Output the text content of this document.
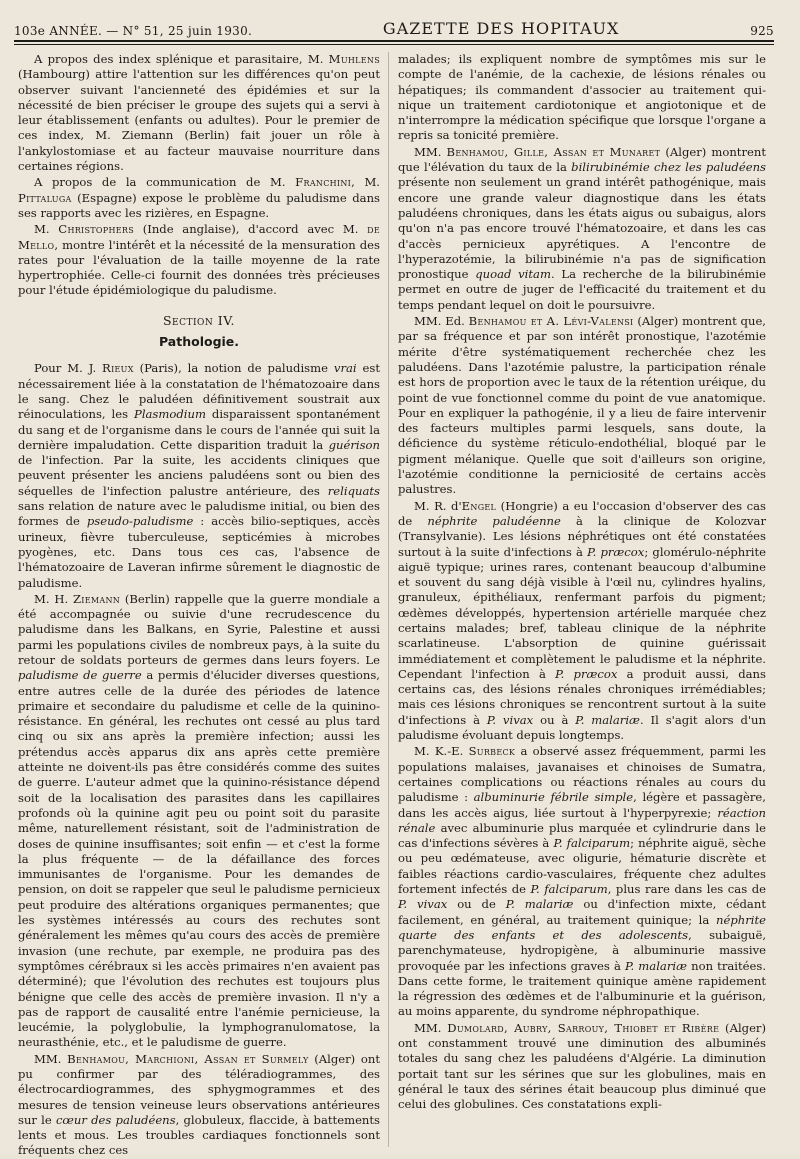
103e ANNÉE. — N° 51, 25 juin 1930.	GAZETTE DES HOPITAUX	925

A propos des index splénique et parasitaire, M. Muhlens (Hambourg) attire l'attention sur les différences qu'on peut observer suivant l'ancienneté des épidémies et sur la nécessité de bien préciser le groupe des sujets qui a servi à leur établissement (enfants ou adultes). Pour le premier de ces index, M. Ziemann (Berlin) fait jouer un rôle à l'ankylostomiase et au facteur mauvaise nourriture dans certaines régions.

A propos de la communication de M. Franchini, M. Pittaluga (Espagne) expose le problème du paludisme dans ses rapports avec les rizières, en Espagne.

M. Christophers (Inde anglaise), d'accord avec M. de Mello, montre l'intérêt et la nécessité de la mensuration des rates pour l'évaluation de la taille moyenne de la rate hypertrophiée. Celle-ci fournit des données très précieuses pour l'étude épidémiologique du paludisme.

Section IV.
Pathologie.

Pour M. J. Rieux (Paris), la notion de paludisme vrai est nécessairement liée à la constatation de l'hématozoaire dans le sang. Chez le paludéen définitivement soustrait aux réinoculations, les Plasmodium disparaissent spontanément du sang et de l'organisme dans le cours de l'année qui suit la dernière impaludation. Cette disparition traduit la guérison de l'infection. Par la suite, les accidents cliniques que peuvent présenter les anciens paludéens sont ou bien des séquelles de l'infection palustre antérieure, des reliquats sans relation de nature avec le paludisme initial, ou bien des formes de pseudo-paludisme : accès bilio-septiques, accès urineux, fièvre tuberculeuse, septicémies à microbes pyogènes, etc. Dans tous ces cas, l'absence de l'hématozoaire de Laveran infirme sûrement le diagnostic de paludisme.

M. H. Ziemann (Berlin) rappelle que la guerre mondiale a été accompagnée ou suivie d'une recrudescence du paludisme dans les Balkans, en Syrie, Palestine et aussi parmi les populations civiles de nombreux pays, à la suite du retour de soldats porteurs de germes dans leurs foyers. Le paludisme de guerre a permis d'élucider diverses questions, entre autres celle de la durée des périodes de latence primaire et secondaire du paludisme et celle de la quinino-résistance. En général, les rechutes ont cessé au plus tard cinq ou six ans après la première infection; aussi les prétendus accès apparus dix ans après cette première atteinte ne doivent-ils pas être considérés comme des suites de guerre. L'auteur admet que la quinino-résistance dépend soit de la localisation des parasites dans les capillaires profonds où la quinine agit peu ou point soit du parasite même, naturellement résistant, soit de l'administration de doses de quinine insuffisantes; soit enfin — et c'est la forme la plus fréquente — de la défaillance des forces immunisantes de l'organisme. Pour les demandes de pension, on doit se rappeler que seul le paludisme pernicieux peut produire des altérations organiques permanentes; que les systèmes intéressés au cours des rechutes sont généralement les mêmes qu'au cours des accès de première invasion (une rechute, par exemple, ne produira pas des symptômes cérébraux si les accès primaires n'en avaient pas déterminé); que l'évolution des rechutes est toujours plus bénigne que celle des accès de première invasion. Il n'y a pas de rapport de causalité entre l'anémie pernicieuse, la leucémie, la polyglobulie, la lymphogranulomatose, la neurasthénie, etc., et le paludisme de guerre.

MM. Benhamou, Marchioni, Assan et Surmely (Alger) ont pu confirmer par des téléradiogrammes, des électrocardiogrammes, des sphygmogrammes et des mesures de tension veineuse leurs observations antérieures sur le cœur des paludéens, globuleux, flaccide, à battements lents et mous. Les troubles cardiaques fonctionnels sont fréquents chez ces

malades; ils expliquent nombre de symptômes mis sur le compte de l'anémie, de la cachexie, de lésions rénales ou hépatiques; ils commandent d'associer au traitement qui-nique un traitement cardiotonique et angiotonique et de n'interrompre la médication spécifique que lorsque l'organe a repris sa tonicité première.

MM. Benhamou, Gille, Assan et Munaret (Alger) montrent que l'élévation du taux de la bilirubinémie chez les paludéens présente non seulement un grand intérêt pathogénique, mais encore une grande valeur diagnostique dans les états paludéens chroniques, dans les états aigus ou subaigus, alors qu'on n'a pas encore trouvé l'hématozoaire, et dans les cas d'accès pernicieux apyrétiques. A l'encontre de l'hyperazotémie, la bilirubinémie n'a pas de signification pronostique quoad vitam. La recherche de la bilirubinémie permet en outre de juger de l'efficacité du traitement et du temps pendant lequel on doit le poursuivre.

MM. Ed. Benhamou et A. Lévi-Valensi (Alger) montrent que, par sa fréquence et par son intérêt pronostique, l'azotémie mérite d'être systématiquement recherchée chez les paludéens. Dans l'azotémie palustre, la participation rénale est hors de proportion avec le taux de la rétention uréique, du point de vue fonctionnel comme du point de vue anatomique. Pour en expliquer la pathogénie, il y a lieu de faire intervenir des facteurs multiples parmi lesquels, sans doute, la déficience du système réticulo-endothélial, bloqué par le pigment mélanique. Quelle que soit d'ailleurs son origine, l'azotémie conditionne la perniciosité de certains accès palustres.

M. R. d'Engel (Hongrie) a eu l'occasion d'observer des cas de néphrite paludéenne à la clinique de Kolozvar (Transylvanie). Les lésions néphrétiques ont été constatées surtout à la suite d'infections à P. præcox; glomérulo-néphrite aiguë typique; urines rares, contenant beaucoup d'albumine et souvent du sang déjà visible à l'œil nu, cylindres hyalins, granuleux, épithéliaux, renfermant parfois du pigment; œdèmes développés, hypertension artérielle marquée chez certains malades; bref, tableau clinique de la néphrite scarlatineuse. L'absorption de quinine guérissait immédiatement et complètement le paludisme et la néphrite. Cependant l'infection à P. præcox a produit aussi, dans certains cas, des lésions rénales chroniques irrémédiables; mais ces lésions chroniques se rencontrent surtout à la suite d'infections à P. vivax ou à P. malariæ. Il s'agit alors d'un paludisme évoluant depuis longtemps.

M. K.-E. Surbeck a observé assez fréquemment, parmi les populations malaises, javanaises et chinoises de Sumatra, certaines complications ou réactions rénales au cours du paludisme : albuminurie fébrile simple, légère et passagère, dans les accès aigus, liée surtout à l'hyperpyrexie; réaction rénale avec albuminurie plus marquée et cylindrurie dans le cas d'infections sévères à P. falciparum; néphrite aiguë, sèche ou peu œdémateuse, avec oligurie, hématurie discrète et faibles réactions cardio-vasculaires, fréquente chez adultes fortement infectés de P. falciparum, plus rare dans les cas de P. vivax ou de P. malariæ ou d'infection mixte, cédant facilement, en général, au traitement quinique; la néphrite quarte des enfants et des adolescents, subaiguë, parenchymateuse, hydropigène, à albuminurie massive provoquée par les infections graves à P. malariæ non traitées. Dans cette forme, le traitement quinique amène rapidement la régression des œdèmes et de l'albuminurie et la guérison, au moins apparente, du syndrome néphropathique.

MM. Dumolard, Aubry, Sarrouy, Thiobet et Ribère (Alger) ont constamment trouvé une diminution des albuminés totales du sang chez les paludéens d'Algérie. La diminution portait tant sur les sérines que sur les globulines, mais en général le taux des sérines était beaucoup plus diminué que celui des globulines. Ces constatations expli-
